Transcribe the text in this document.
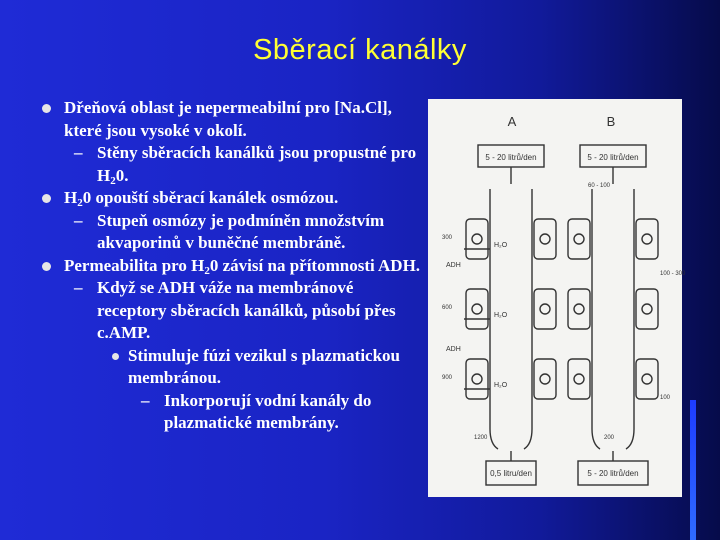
Sběrací kanálky
Dřeňová oblast je nepermeabilní pro [Na.Cl], které jsou vysoké v okolí.
– Stěny sběracích kanálků jsou propustné pro $H_20$.
$H_20$ opouští sběrací kanálek osmózou.
– Stupeň osmózy je podmíněn množstvím akvaporinů v buněčné membráně.
Permeabilita pro $H_20$ závisí na přítomnosti ADH.
– Když se ADH váže na membránové receptory sběracích kanálků, působí přes c.AMP.
Stimuluje fúzi vezikul s plazmatickou membránou.
– Inkorporují vodní kanály do plazmatické membrány.
A	B
5 - 20 litrů/den	5 - 20 litrů/den
H₂O
H₂O
H₂O
ADH
ADH
300
600
900
1200
60 - 100
100 - 300
100
200
0,5 litru/den	5 - 20 litrů/den
